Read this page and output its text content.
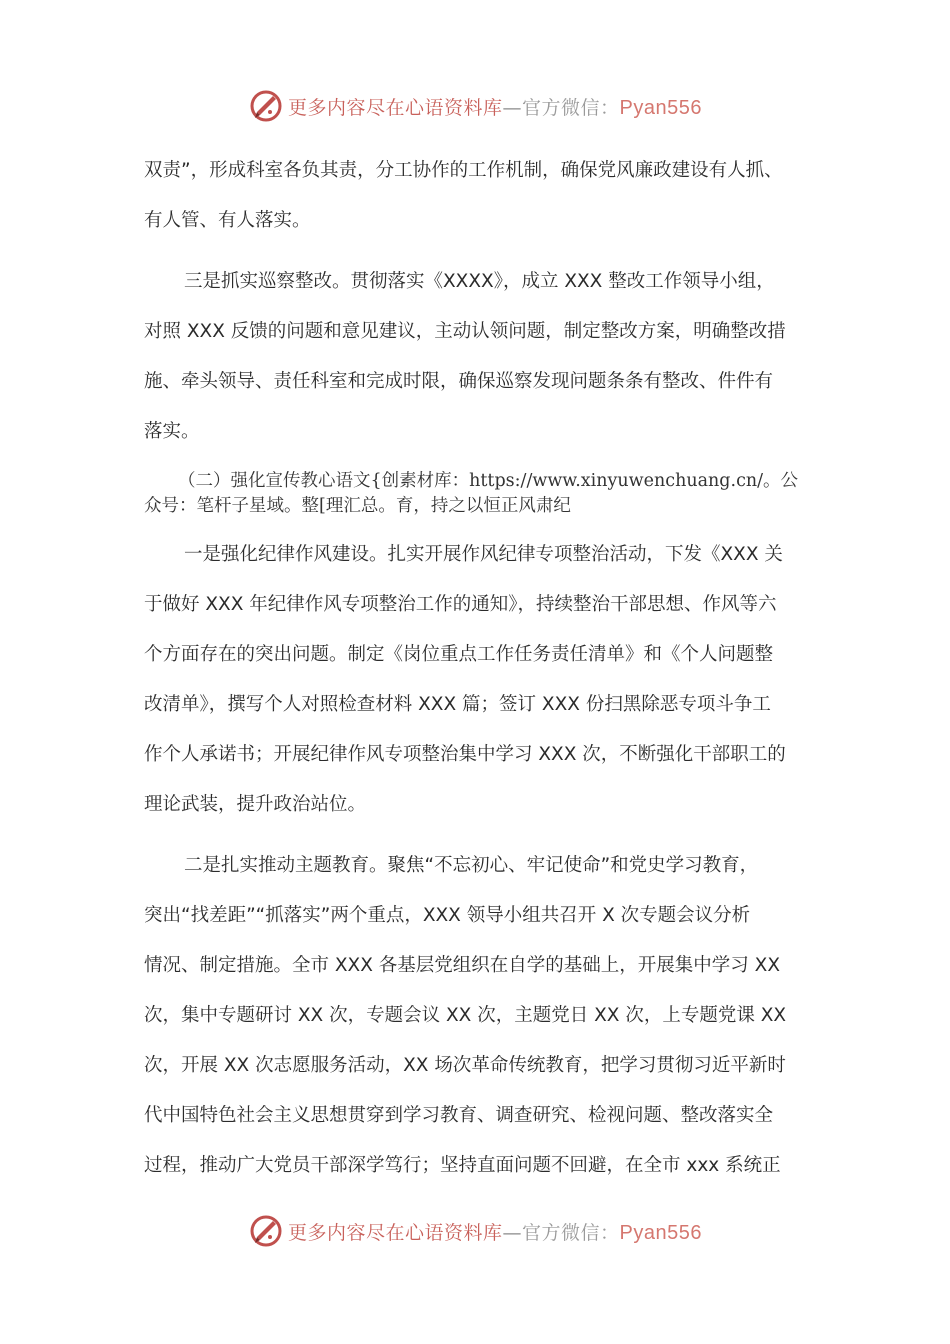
更多内容尽在心语资料库—官方微信：Pyan556
双责”，形成科室各负其责，分工协作的工作机制，确保党风廉政建设有人抓、
有人管、有人落实。
三是抓实巡察整改。贯彻落实《XXXX》，成立 XXX 整改工作领导小组，
对照 XXX 反馈的问题和意见建议，主动认领问题，制定整改方案，明确整改措
施、牵头领导、责任科室和完成时限，确保巡察发现问题条条有整改、件件有
落实。
（二）强化宣传教心语文{创素材库：https://www.xinyuwenchuang.cn/。公
众号：笔杆子星域。整[理汇总。育，持之以恒正风肃纪
一是强化纪律作风建设。扎实开展作风纪律专项整治活动，下发《XXX 关
于做好 XXX 年纪律作风专项整治工作的通知》，持续整治干部思想、作风等六
个方面存在的突出问题。制定《岗位重点工作任务责任清单》和《个人问题整
改清单》，撰写个人对照检查材料 XXX 篇；签订 XXX 份扫黑除恶专项斗争工
作个人承诺书；开展纪律作风专项整治集中学习 XXX 次，不断强化干部职工的
理论武装，提升政治站位。
二是扎实推动主题教育。聚焦“不忘初心、牢记使命”和党史学习教育，
突出“找差距”“抓落实”两个重点，XXX 领导小组共召开 X 次专题会议分析
情况、制定措施。全市 XXX 各基层党组织在自学的基础上，开展集中学习 XX
次，集中专题研讨 XX 次，专题会议 XX 次，主题党日 XX 次，上专题党课 XX
次，开展 XX 次志愿服务活动，XX 场次革命传统教育，把学习贯彻习近平新时
代中国特色社会主义思想贯穿到学习教育、调查研究、检视问题、整改落实全
过程，推动广大党员干部深学笃行；坚持直面问题不回避，在全市 xxx 系统正
更多内容尽在心语资料库—官方微信：Pyan556
